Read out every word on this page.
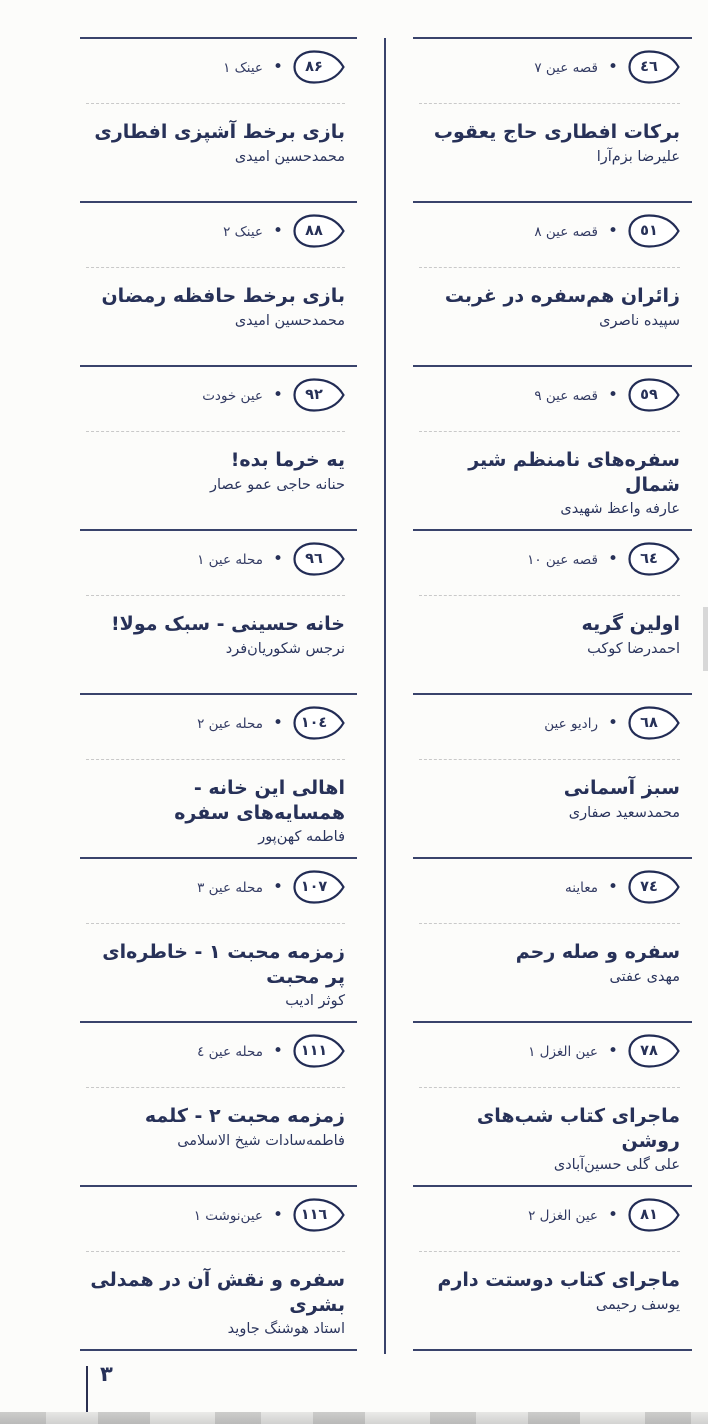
٤٦
•
قصه عین ٧
برکات افطاری حاج یعقوب
علیرضا بزم‌آرا
٥١
•
قصه عین ٨
زائران هم‌سفره در غربت
سپیده ناصری
٥٩
•
قصه عین ٩
سفره‌های نامنظم شیر شمال
عارفه واعظ شهیدی
٦٤
•
قصه عین ١٠
اولین گریه
احمدرضا کوکب
٦٨
•
رادیو عین
سبز آسمانی
محمدسعید صفاری
٧٤
•
معاینه
سفره و صله رحم
مهدی عفتی
٧٨
•
عین الغزل ١
ماجرای کتاب شب‌های روشن
علی گلی حسین‌آبادی
٨١
•
عین الغزل ٢
ماجرای کتاب دوستت دارم
یوسف رحیمی
٨۶
•
عینک ١
بازی برخط آشپزی افطاری
محمدحسین امیدی
٨٨
•
عینک ٢
بازی برخط حافظه رمضان
محمدحسین امیدی
٩٢
•
عین خودت
یه خرما بده!
حنانه حاجی عمو عصار
٩٦
•
محله عین ١
خانه حسینی - سبک مولا!
نرجس شکوریان‌فرد
١٠٤
•
محله عین ٢
اهالی این خانه - همسایه‌های سفره
فاطمه کهن‌پور
١٠٧
•
محله عین ٣
زمزمه محبت ١ - خاطره‌ای پر محبت
کوثر ادیب
١١١
•
محله عین ٤
زمزمه محبت ٢ - کلمه
فاطمه‌سادات شیخ الاسلامی
١١٦
•
عین‌نوشت ١
سفره و نقش آن در همدلی بشری
استاد هوشنگ جاوید
۳
